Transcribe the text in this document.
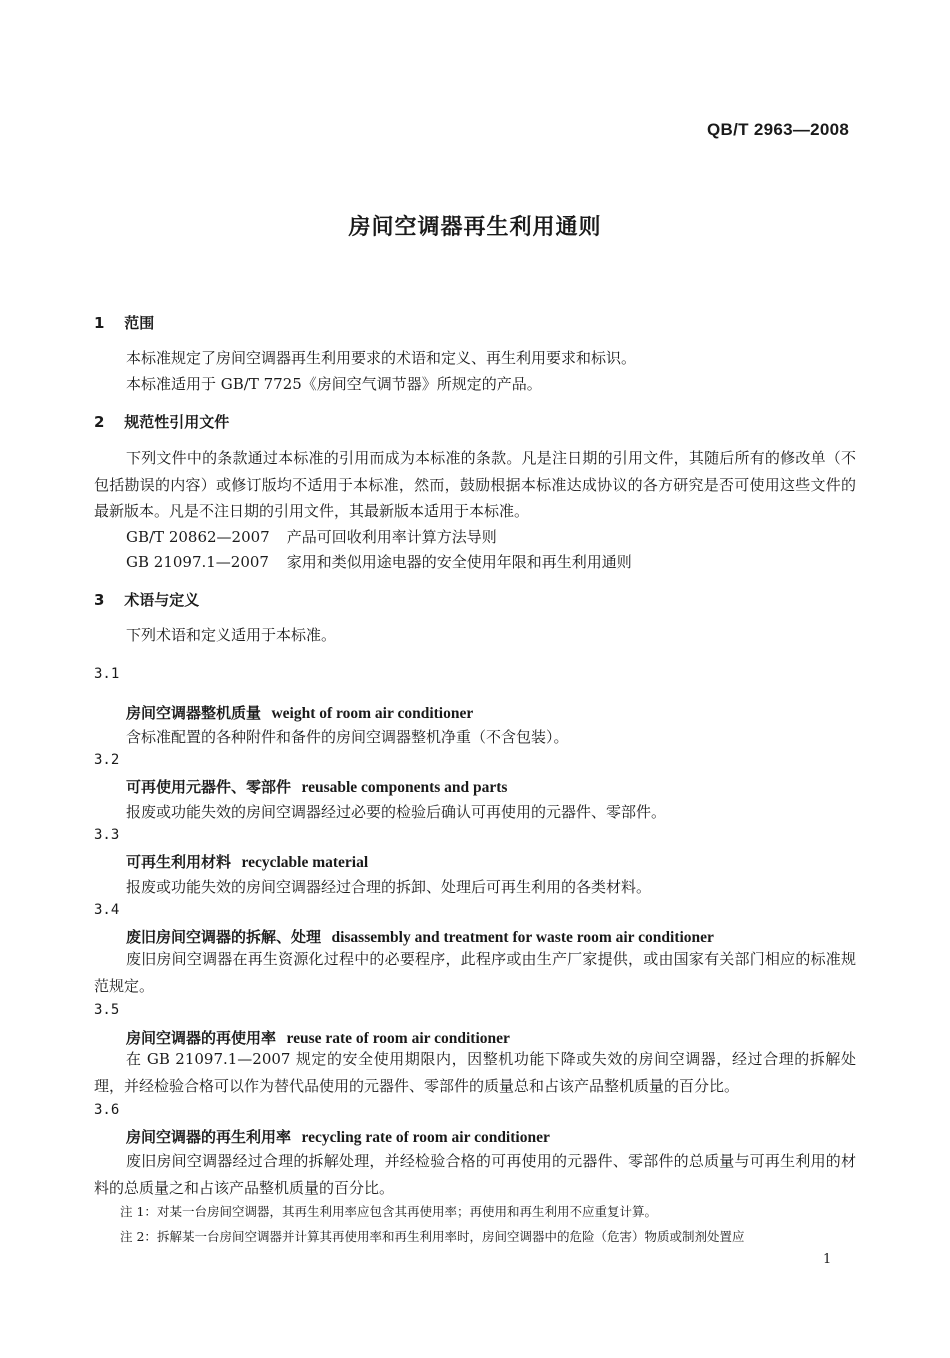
QB/T 2963—2008
房间空调器再生利用通则
1 范围
本标准规定了房间空调器再生利用要求的术语和定义、再生利用要求和标识。
本标准适用于 GB/T 7725《房间空气调节器》所规定的产品。
2 规范性引用文件
下列文件中的条款通过本标准的引用而成为本标准的条款。凡是注日期的引用文件，其随后所有的修改单（不包括勘误的内容）或修订版均不适用于本标准，然而，鼓励根据本标准达成协议的各方研究是否可使用这些文件的最新版本。凡是不注日期的引用文件，其最新版本适用于本标准。
GB/T 20862—2007 产品可回收利用率计算方法导则
GB 21097.1—2007 家用和类似用途电器的安全使用年限和再生利用通则
3 术语与定义
下列术语和定义适用于本标准。
3.1
房间空调器整机质量 weight of room air conditioner
含标准配置的各种附件和备件的房间空调器整机净重（不含包装）。
3.2
可再使用元器件、零部件 reusable components and parts
报废或功能失效的房间空调器经过必要的检验后确认可再使用的元器件、零部件。
3.3
可再生利用材料 recyclable material
报废或功能失效的房间空调器经过合理的拆卸、处理后可再生利用的各类材料。
3.4
废旧房间空调器的拆解、处理 disassembly and treatment for waste room air conditioner
废旧房间空调器在再生资源化过程中的必要程序，此程序或由生产厂家提供，或由国家有关部门相应的标准规范规定。
3.5
房间空调器的再使用率 reuse rate of room air conditioner
在 GB 21097.1—2007 规定的安全使用期限内，因整机功能下降或失效的房间空调器，经过合理的拆解处理，并经检验合格可以作为替代品使用的元器件、零部件的质量总和占该产品整机质量的百分比。
3.6
房间空调器的再生利用率 recycling rate of room air conditioner
废旧房间空调器经过合理的拆解处理，并经检验合格的可再使用的元器件、零部件的总质量与可再生利用的材料的总质量之和占该产品整机质量的百分比。
注 1：对某一台房间空调器，其再生利用率应包含其再使用率；再使用和再生利用不应重复计算。
注 2：拆解某一台房间空调器并计算其再使用率和再生利用率时，房间空调器中的危险（危害）物质或制剂处置应
1
